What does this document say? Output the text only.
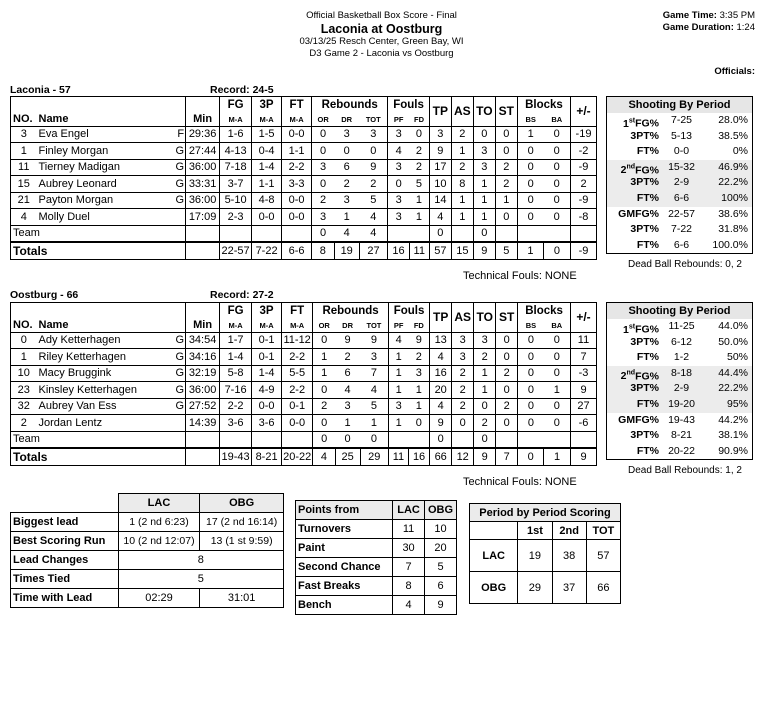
Official Basketball Box Score - Final
Laconia at Oostburg
03/13/25 Resch Center, Green Bay, WI
D3 Game 2 - Laconia vs Oostburg
Game Time: 3:35 PM
Game Duration: 1:24
Officials:
Laconia - 57	Record: 24-5
Oostburg - 66	Record: 27-2
				FG	3P	FT	Rebounds			Fouls		TP	AS	TO	ST	Blocks		+/-
NO.	Name		Min	M-A	M-A	M-A	OR	DR	TOT	PF	FD					BS	BA	
3	Eva Engel	F	29:36	1-6	1-5	0-0	0	3	3	3	0	3	2	0	0	1	0	-19
1	Finley Morgan	G	27:44	4-13	0-4	1-1	0	0	0	4	2	9	1	3	0	0	0	-2
11	Tierney Madigan	G	36:00	7-18	1-4	2-2	3	6	9	3	2	17	2	3	2	0	0	-9
15	Aubrey Leonard	G	33:31	3-7	1-1	3-3	0	2	2	0	5	10	8	1	2	0	0	2
21	Payton Morgan	G	36:00	5-10	4-8	0-0	2	3	5	3	1	14	1	1	1	0	0	-9
4	Molly Duel		17:09	2-3	0-0	0-0	3	1	4	3	1	4	1	1	0	0	0	-8
Team							0	4	4			0		0				
Totals				22-57	7-22	6-6	8	19	27	16	11	57	15	9	5	1	0	-9
				FG	3P	FT	Rebounds			Fouls		TP	AS	TO	ST	Blocks		+/-
NO.	Name		Min	M-A	M-A	M-A	OR	DR	TOT	PF	FD					BS	BA	
0	Ady Ketterhagen	G	34:54	1-7	0-1	11-12	0	9	9	4	9	13	3	3	0	0	0	11
1	Riley Ketterhagen	G	34:16	1-4	0-1	2-2	1	2	3	1	2	4	3	2	0	0	0	7
10	Macy Bruggink	G	32:19	5-8	1-4	5-5	1	6	7	1	3	16	2	1	2	0	0	-3
23	Kinsley Ketterhagen	G	36:00	7-16	4-9	2-2	0	4	4	1	1	20	2	1	0	0	1	9
32	Aubrey Van Ess	G	27:52	2-2	0-0	0-1	2	3	5	3	1	4	2	0	2	0	0	27
2	Jordan Lentz		14:39	3-6	3-6	0-0	0	1	1	1	0	9	0	2	0	0	0	-6
Team							0	0	0			0		0				
Totals				19-43	8-21	20-22	4	25	29	11	16	66	12	9	7	0	1	9
Technical Fouls: NONE
Technical Fouls: NONE
Shooting By Period
1stFG%	7-25	28.0%
3PT%	5-13	38.5%
FT%	0-0	0%
2ndFG% 15-32	46.9%
3PT%	2-9	22.2%
FT%	6-6	100%
GMFG% 22-57	38.6%
3PT%	7-22	31.8%
FT%	6-6	100.0%
Shooting By Period
1stFG% 11-25	44.0%
3PT%	6-12	50.0%
FT%	1-2	50%
2ndFG%	8-18	44.4%
3PT%	2-9	22.2%
FT% 19-20	95%
GMFG% 19-43	44.2%
3PT%	8-21	38.1%
FT% 20-22	90.9%
Dead Ball Rebounds: 0, 2
Dead Ball Rebounds: 1, 2
	LAC	OBG
Biggest lead	1 (2 nd 6:23)	17 (2 nd 16:14)
Best Scoring Run	10 (2 nd 12:07)	13 (1 st 9:59)
Lead Changes	8	
Times Tied	5	
Time with Lead	02:29	31:01
Points from	LAC	OBG
Turnovers	11	10
Paint	30	20
Second Chance	7	5
Fast Breaks	8	6
Bench	4	9
Period by Period Scoring			
	1st	2nd	TOT
LAC	19	38	57
OBG	29	37	66
